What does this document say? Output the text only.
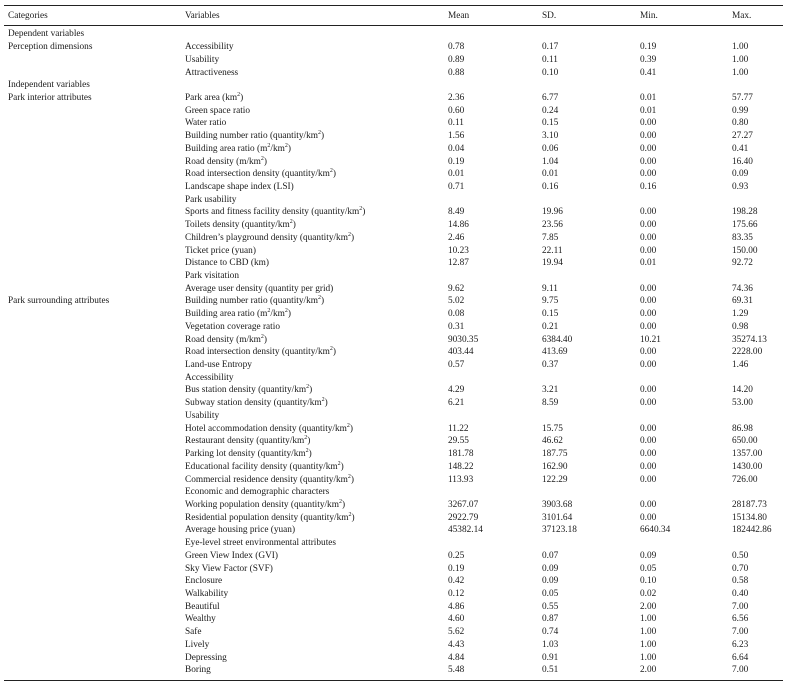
Categories	Variables	Mean	SD.	Min.	Max.
Dependent variables
Perception dimensions	Accessibility	0.78	0.17	0.19	1.00
Usability	0.89	0.11	0.39	1.00
Attractiveness	0.88	0.10	0.41	1.00
Independent variables
Park interior attributes	Park area $(km^2)$	2.36	6.77	0.01	57.77
Green space ratio	0.60	0.24	0.01	0.99
Water ratio	0.11	0.15	0.00	0.80
Building number ratio $(quantity/km^2)$	1.56	3.10	0.00	27.27
Building area ratio $(m^2/km^2)$	0.04	0.06	0.00	0.41
Road density $(m/km^2)$	0.19	1.04	0.00	16.40
Road intersection density $(quantity/km^2)$	0.01	0.01	0.00	0.09
Landscape shape index (LSI)	0.71	0.16	0.16	0.93
Park usability
Sports and fitness facility density $(quantity/km^2)$	8.49	19.96	0.00	198.28
Toilets density $(quantity/km^2)$	14.86	23.56	0.00	175.66
Children’s playground density $(quantity/km^2)$	2.46	7.85	0.00	83.35
Ticket price (yuan)	10.23	22.11	0.00	150.00
Distance to CBD (km)	12.87	19.94	0.01	92.72
Park visitation
Average user density (quantity per grid)	9.62	9.11	0.00	74.36
Park surrounding attributes	Building number ratio $(quantity/km^2)$	5.02	9.75	0.00	69.31
Building area ratio $(m^2/km^2)$	0.08	0.15	0.00	1.29
Vegetation coverage ratio	0.31	0.21	0.00	0.98
Road density $(m/km^2)$	9030.35	6384.40	10.21	35274.13
Road intersection density $(quantity/km^2)$	403.44	413.69	0.00	2228.00
Land-use Entropy	0.57	0.37	0.00	1.46
Accessibility
Bus station density $(quantity/km^2)$	4.29	3.21	0.00	14.20
Subway station density $(quantity/km^2)$	6.21	8.59	0.00	53.00
Usability
Hotel accommodation density $(quantity/km^2)$	11.22	15.75	0.00	86.98
Restaurant density $(quantity/km^2)$	29.55	46.62	0.00	650.00
Parking lot density $(quantity/km^2)$	181.78	187.75	0.00	1357.00
Educational facility density $(quantity/km^2)$	148.22	162.90	0.00	1430.00
Commercial residence density $(quantity/km^2)$	113.93	122.29	0.00	726.00
Economic and demographic characters
Working population density $(quantity/km^2)$	3267.07	3903.68	0.00	28187.73
Residential population density $(quantity/km^2)$	2922.79	3101.64	0.00	15134.80
Average housing price (yuan)	45382.14	37123.18	6640.34	182442.86
Eye-level street environmental attributes
Green View Index (GVI)	0.25	0.07	0.09	0.50
Sky View Factor (SVF)	0.19	0.09	0.05	0.70
Enclosure	0.42	0.09	0.10	0.58
Walkability	0.12	0.05	0.02	0.40
Beautiful	4.86	0.55	2.00	7.00
Wealthy	4.60	0.87	1.00	6.56
Safe	5.62	0.74	1.00	7.00
Lively	4.43	1.03	1.00	6.23
Depressing	4.84	0.91	1.00	6.64
Boring	5.48	0.51	2.00	7.00
